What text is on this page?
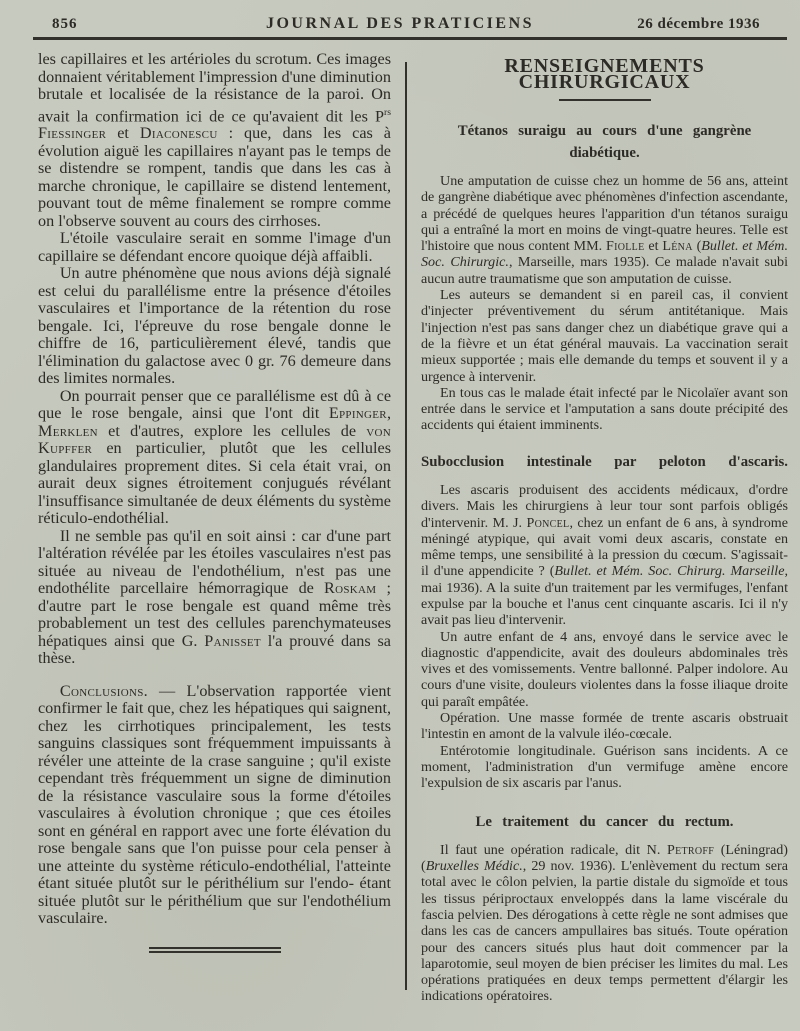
856	JOURNAL DES PRATICIENS	26 décembre 1936

les capillaires et les artérioles du scrotum. Ces images donnaient véritablement l'impression d'une diminution brutale et localisée de la résistance de la paroi. On avait la confirmation ici de ce qu'avaient dit les $P^{rs}$ Fiessinger et Diaconescu : que, dans les cas à évolution aiguë les capillaires n'ayant pas le temps de se distendre se rompent, tandis que dans les cas à marche chronique, le capillaire se distend lentement, pouvant tout de même finalement se rompre comme on l'observe souvent au cours des cirrhoses.

L'étoile vasculaire serait en somme l'image d'un capillaire se défendant encore quoique déjà affaibli.

Un autre phénomène que nous avions déjà signalé est celui du parallélisme entre la présence d'étoiles vasculaires et l'importance de la rétention du rose bengale. Ici, l'épreuve du rose bengale donne le chiffre de 16, particulièrement élevé, tandis que l'élimination du galactose avec 0 gr. 76 demeure dans des limites normales.

On pourrait penser que ce parallélisme est dû à ce que le rose bengale, ainsi que l'ont dit Eppinger, Merklen et d'autres, explore les cellules de von Kupffer en particulier, plutôt que les cellules glandulaires proprement dites. Si cela était vrai, on aurait deux signes étroitement conjugués révélant l'insuffisance simultanée de deux éléments du système réticulo-endothélial.

Il ne semble pas qu'il en soit ainsi : car d'une part l'altération révélée par les étoiles vasculaires n'est pas située au niveau de l'endothélium, n'est pas une endothélite parcellaire hémorragique de Roskam ; d'autre part le rose bengale est quand même très probablement un test des cellules parenchymateuses hépatiques ainsi que G. Panisset l'a prouvé dans sa thèse.

Conclusions. — L'observation rapportée vient confirmer le fait que, chez les hépatiques qui saignent, chez les cirrhotiques principalement, les tests sanguins classiques sont fréquemment impuissants à révéler une atteinte de la crase sanguine ; qu'il existe cependant très fréquemment un signe de diminution de la résistance vasculaire sous la forme d'étoiles vasculaires à évolution chronique ; que ces étoiles sont en général en rapport avec une forte élévation du rose bengale sans que l'on puisse pour cela penser à une atteinte du système réticulo-endothélial, l'atteinte étant située plutôt sur le périthélium sur l'endo- étant située plutôt sur le périthélium que sur l'endothélium vasculaire.

RENSEIGNEMENTS CHIRURGICAUX
Tétanos suraigu au cours d'une gangrène diabétique.

Une amputation de cuisse chez un homme de 56 ans, atteint de gangrène diabétique avec phénomènes d'infection ascendante, a précédé de quelques heures l'apparition d'un tétanos suraigu qui a entraîné la mort en moins de vingt-quatre heures. Telle est l'histoire que nous content MM. Fiolle et Léna (Bullet. et Mém. Soc. Chirurgic., Marseille, mars 1935). Ce malade n'avait subi aucun autre traumatisme que son amputation de cuisse.

Les auteurs se demandent si en pareil cas, il convient d'injecter préventivement du sérum antitétanique. Mais l'injection n'est pas sans danger chez un diabétique grave qui a de la fièvre et un état général mauvais. La vaccination serait mieux supportée ; mais elle demande du temps et souvent il y a urgence à intervenir.

En tous cas le malade était infecté par le Nicolaïer avant son entrée dans le service et l'amputation a sans doute précipité des accidents qui étaient imminents.

Subocclusion intestinale par peloton d'ascaris.

Les ascaris produisent des accidents médicaux, d'ordre divers. Mais les chirurgiens à leur tour sont parfois obligés d'intervenir. M. J. Poncel, chez un enfant de 6 ans, à syndrome méningé atypique, qui avait vomi deux ascaris, constate en même temps, une sensibilité à la pression du cœcum. S'agissait-il d'une appendicite ? (Bullet. et Mém. Soc. Chirurg. Marseille, mai 1936). A la suite d'un traitement par les vermifuges, l'enfant expulse par la bouche et l'anus cent cinquante ascaris. Ici il n'y avait pas lieu d'intervenir.

Un autre enfant de 4 ans, envoyé dans le service avec le diagnostic d'appendicite, avait des douleurs abdominales très vives et des vomissements. Ventre ballonné. Palper indolore. Au cours d'une visite, douleurs violentes dans la fosse iliaque droite qui paraît empâtée.

Opération. Une masse formée de trente ascaris obstruait l'intestin en amont de la valvule iléo-cœcale.

Entérotomie longitudinale. Guérison sans incidents. A ce moment, l'administration d'un vermifuge amène encore l'expulsion de six ascaris par l'anus.

Le traitement du cancer du rectum.

Il faut une opération radicale, dit N. Petroff (Léningrad) (Bruxelles Médic., 29 nov. 1936). L'enlèvement du rectum sera total avec le côlon pelvien, la partie distale du sigmoïde et tous les tissus périproctaux enveloppés dans la lame viscérale du fascia pelvien. Des dérogations à cette règle ne sont admises que dans les cas de cancers ampullaires bas situés. Toute opération pour des cancers situés plus haut doit commencer par la laparotomie, seul moyen de bien préciser les limites du mal. Les opérations pratiquées en deux temps permettent d'élargir les indications opératoires.
